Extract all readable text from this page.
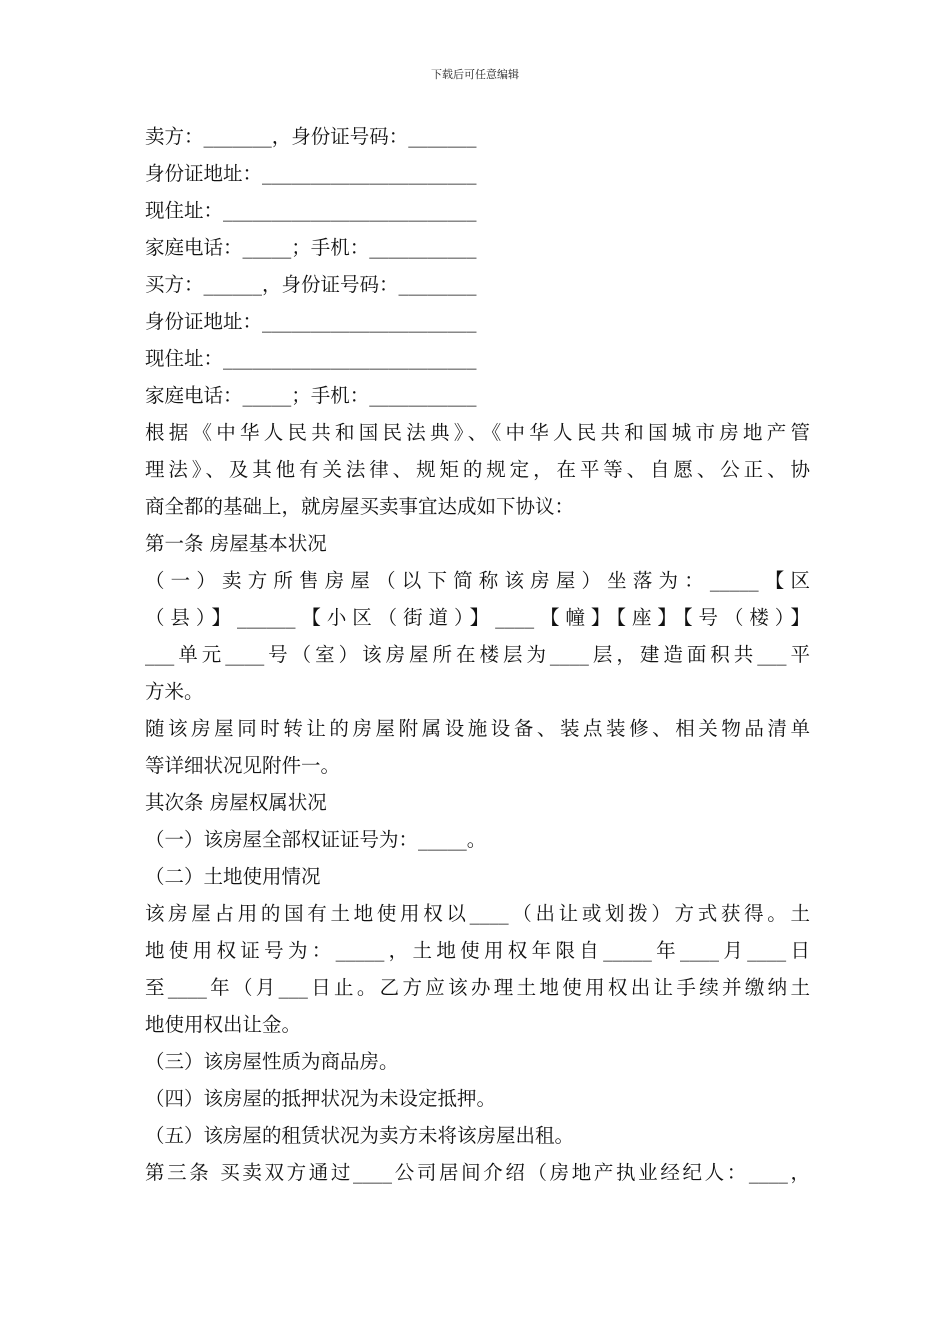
下载后可任意编辑
卖方：_______，身份证号码：_______
身份证地址：______________________
现住址：__________________________
家庭电话：_____；手机：___________
买方：______，身份证号码：________
身份证地址：______________________
现住址：__________________________
家庭电话：_____；手机：___________
根据《中华人民共和国民法典》、《中华人民共和国城市房地产管
理法》、及其他有关法律、规矩的规定，在平等、自愿、公正、协
商全都的基础上，就房屋买卖事宜达成如下协议：
第一条 房屋基本状况
（一）卖方所售房屋（以下简称该房屋）坐落为：_____【区
（县）】______【小区（街道）】____【幢】【座】【号（楼）】
___单元____号（室）该房屋所在楼层为____层，建造面积共___平
方米。
随该房屋同时转让的房屋附属设施设备、装点装修、相关物品清单
等详细状况见附件一。
其次条 房屋权属状况
（一）该房屋全部权证证号为：_____。
（二）土地使用情况
该房屋占用的国有土地使用权以____（出让或划拨）方式获得。土
地使用权证号为：_____，土地使用权年限自_____年____月____日
至____年（月___日止。乙方应该办理土地使用权出让手续并缴纳土
地使用权出让金。
（三）该房屋性质为商品房。
（四）该房屋的抵押状况为未设定抵押。
（五）该房屋的租赁状况为卖方未将该房屋出租。
第三条 买卖双方通过____公司居间介绍（房地产执业经纪人：____，
